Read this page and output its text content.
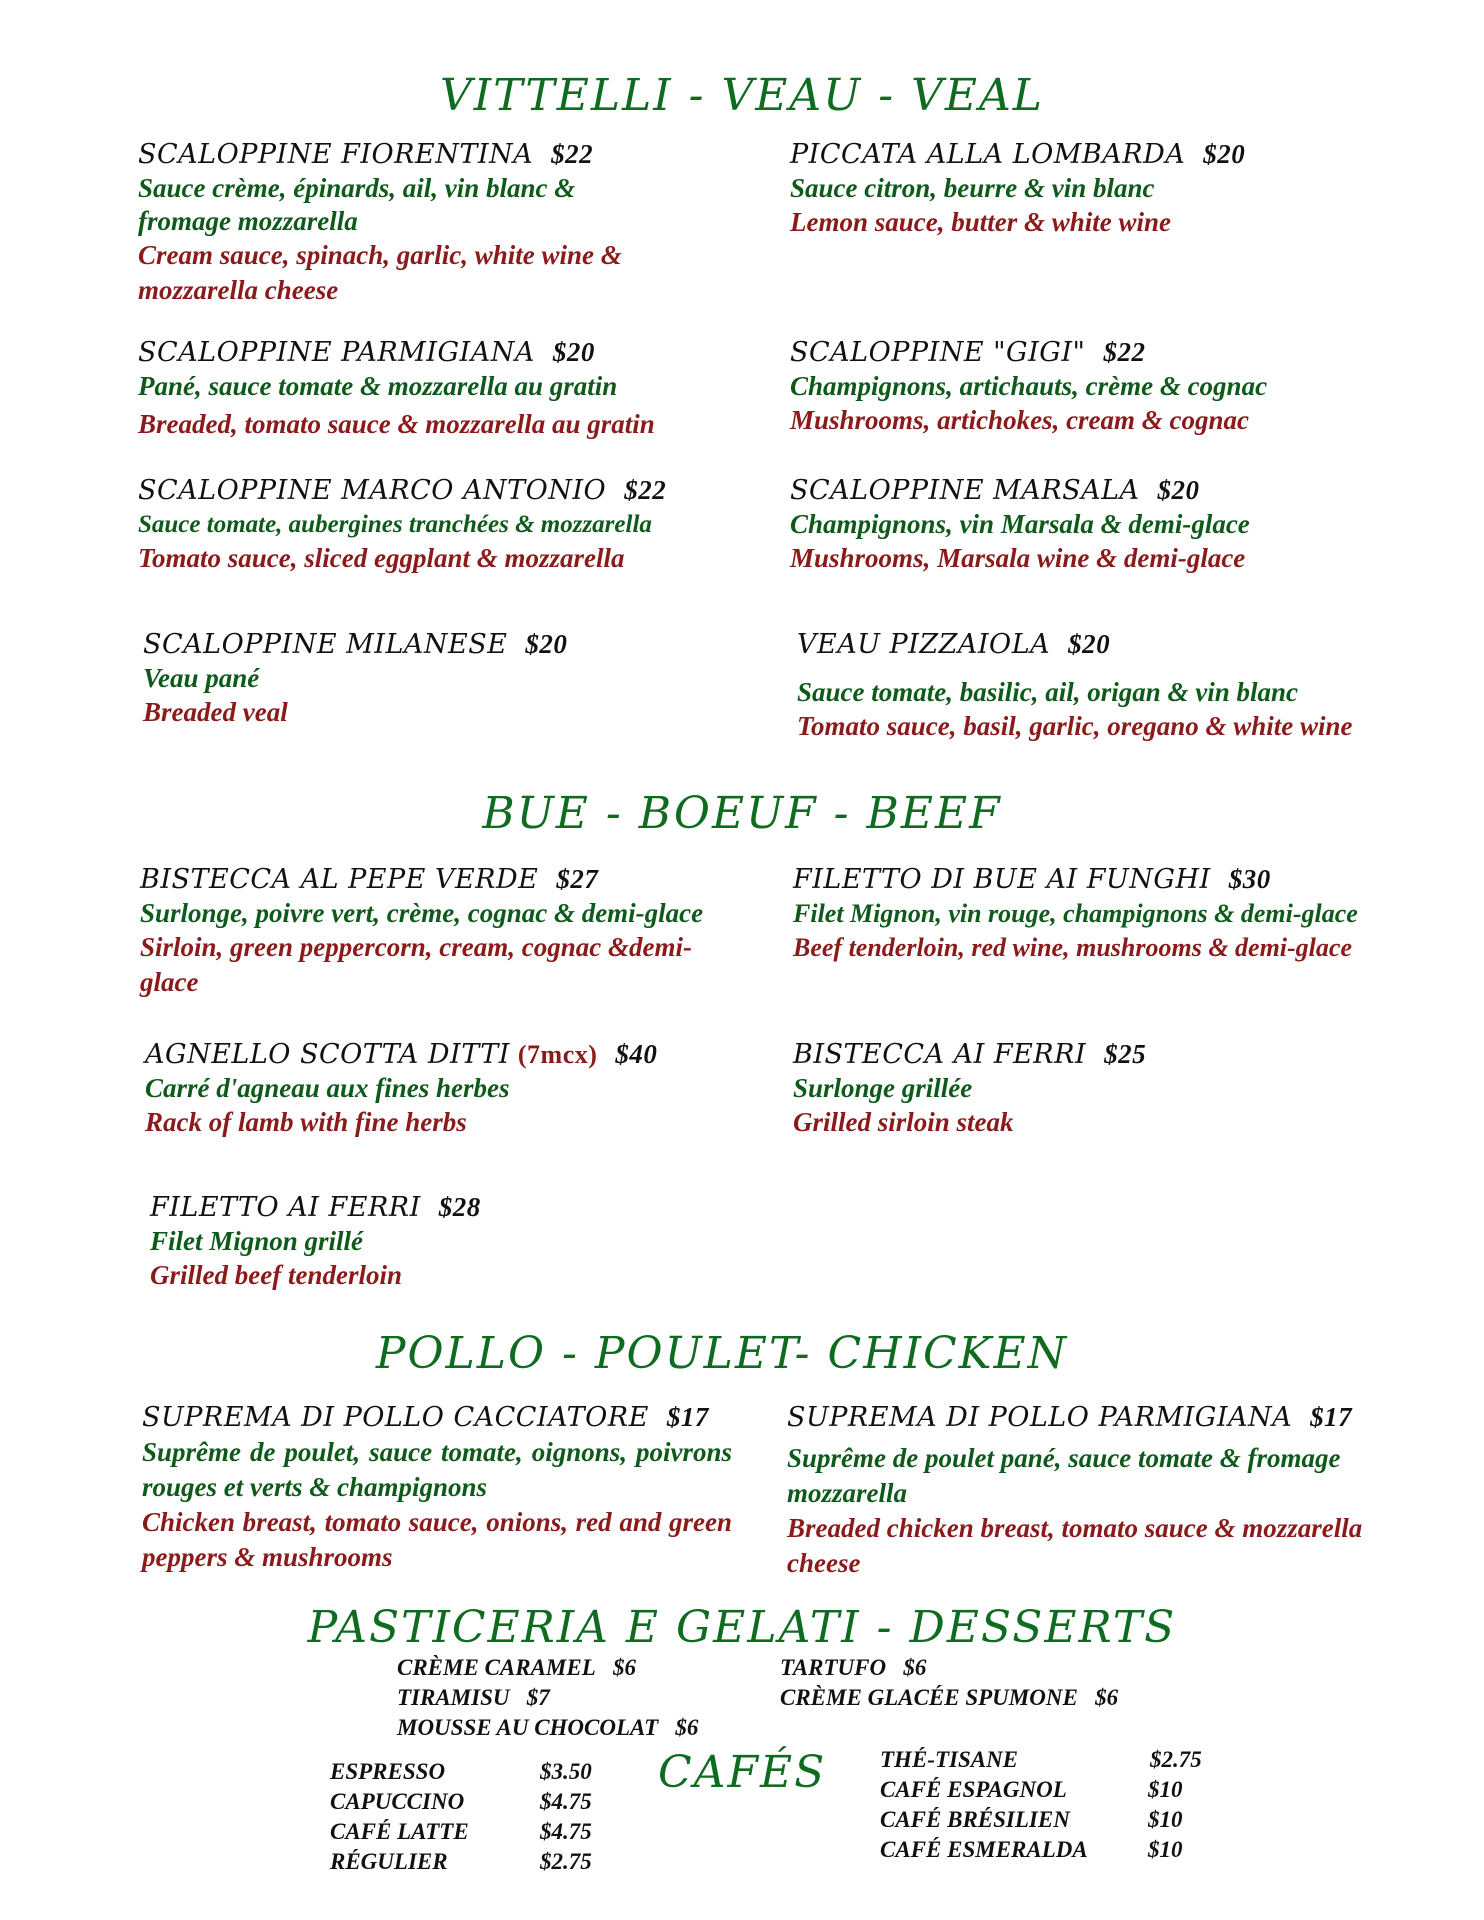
VITTELLI - VEAU - VEAL
SCALOPPINE FIORENTINA $22
Sauce crème, épinards, ail, vin blanc & fromage mozzarella
Cream sauce, spinach, garlic, white wine & mozzarella cheese
PICCATA ALLA LOMBARDA $20
Sauce citron, beurre & vin blanc
Lemon sauce, butter & white wine
SCALOPPINE PARMIGIANA $20
Pané, sauce tomate & mozzarella au gratin
Breaded, tomato sauce & mozzarella au gratin
SCALOPPINE "GIGI" $22
Champignons, artichauts, crème & cognac
Mushrooms, artichokes, cream & cognac
SCALOPPINE MARCO ANTONIO $22
Sauce tomate, aubergines tranchées & mozzarella
Tomato sauce, sliced eggplant & mozzarella
SCALOPPINE MARSALA $20
Champignons, vin Marsala & demi-glace
Mushrooms, Marsala wine & demi-glace
SCALOPPINE MILANESE $20
Veau pané
Breaded veal
VEAU PIZZAIOLA $20
Sauce tomate, basilic, ail, origan & vin blanc
Tomato sauce, basil, garlic, oregano & white wine
BUE - BOEUF - BEEF
BISTECCA AL PEPE VERDE $27
Surlonge, poivre vert, crème, cognac & demi-glace
Sirloin, green peppercorn, cream, cognac &demi-glace
FILETTO DI BUE AI FUNGHI $30
Filet Mignon, vin rouge, champignons & demi-glace
Beef tenderloin, red wine, mushrooms & demi-glace
AGNELLO SCOTTA DITTI (7mcx) $40
Carré d'agneau aux fines herbes
Rack of lamb with fine herbs
BISTECCA AI FERRI $25
Surlonge grillée
Grilled sirloin steak
FILETTO AI FERRI $28
Filet Mignon grillé
Grilled beef tenderloin
POLLO - POULET- CHICKEN
SUPREMA DI POLLO CACCIATORE $17
Suprême de poulet, sauce tomate, oignons, poivrons rouges et verts & champignons
Chicken breast, tomato sauce, onions, red and green peppers & mushrooms
SUPREMA DI POLLO PARMIGIANA $17
Suprême de poulet pané, sauce tomate & fromage mozzarella
Breaded chicken breast, tomato sauce & mozzarella cheese
PASTICERIA E GELATI - DESSERTS
CRÈME CARAMEL $6	TARTUFO $6
TIRAMISU $7	CRÈME GLACÉE SPUMONE $6
MOUSSE AU CHOCOLAT $6
CAFÉS
ESPRESSO	$3.50
CAPUCCINO	$4.75
CAFÉ LATTE	$4.75
RÉGULIER	$2.75
THÉ-TISANE	$2.75
CAFÉ ESPAGNOL	$10
CAFÉ BRÉSILIEN	$10
CAFÉ ESMERALDA	$10
